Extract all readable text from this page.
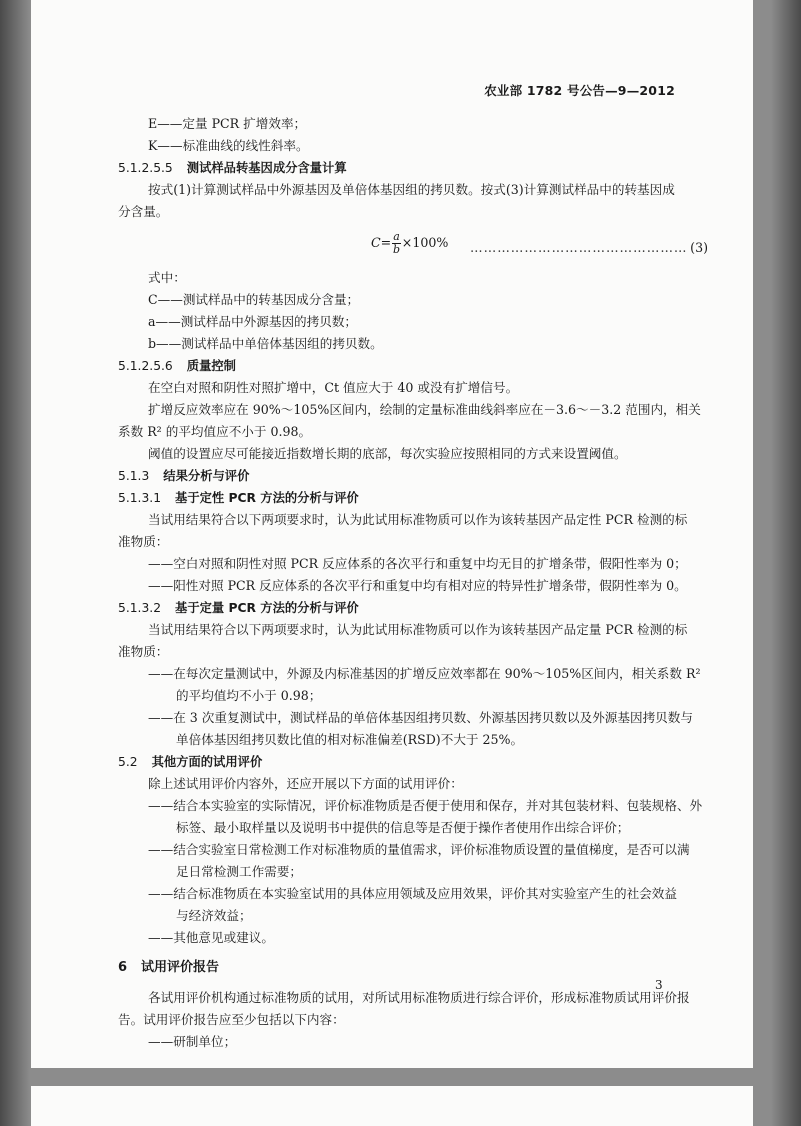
农业部 1782 号公告—9—2012
E——定量 PCR 扩增效率；
K——标准曲线的线性斜率。
5.1.2.5.5 测试样品转基因成分含量计算
按式(1)计算测试样品中外源基因及单倍体基因组的拷贝数。按式(3)计算测试样品中的转基因成
分含量。
$C= \frac{a}{b} \times 100\%$ ………………………………………… (3)
式中：
C——测试样品中的转基因成分含量；
a——测试样品中外源基因的拷贝数；
b——测试样品中单倍体基因组的拷贝数。
5.1.2.5.6 质量控制
在空白对照和阴性对照扩增中，Ct 值应大于 40 或没有扩增信号。
扩增反应效率应在 90%～105%区间内，绘制的定量标准曲线斜率应在－3.6～－3.2 范围内，相关
系数 R² 的平均值应不小于 0.98。
阈值的设置应尽可能接近指数增长期的底部，每次实验应按照相同的方式来设置阈值。
5.1.3 结果分析与评价
5.1.3.1 基于定性 PCR 方法的分析与评价
当试用结果符合以下两项要求时，认为此试用标准物质可以作为该转基因产品定性 PCR 检测的标
准物质：
——空白对照和阴性对照 PCR 反应体系的各次平行和重复中均无目的扩增条带，假阳性率为 0；
——阳性对照 PCR 反应体系的各次平行和重复中均有相对应的特异性扩增条带，假阴性率为 0。
5.1.3.2 基于定量 PCR 方法的分析与评价
当试用结果符合以下两项要求时，认为此试用标准物质可以作为该转基因产品定量 PCR 检测的标
准物质：
——在每次定量测试中，外源及内标准基因的扩增反应效率都在 90%～105%区间内，相关系数 R²
的平均值均不小于 0.98；
——在 3 次重复测试中，测试样品的单倍体基因组拷贝数、外源基因拷贝数以及外源基因拷贝数与
单倍体基因组拷贝数比值的相对标准偏差(RSD)不大于 25%。
5.2 其他方面的试用评价
除上述试用评价内容外，还应开展以下方面的试用评价：
——结合本实验室的实际情况，评价标准物质是否便于使用和保存，并对其包装材料、包装规格、外
标签、最小取样量以及说明书中提供的信息等是否便于操作者使用作出综合评价；
——结合实验室日常检测工作对标准物质的量值需求，评价标准物质设置的量值梯度，是否可以满
足日常检测工作需要；
——结合标准物质在本实验室试用的具体应用领域及应用效果，评价其对实验室产生的社会效益
与经济效益；
——其他意见或建议。
6 试用评价报告
各试用评价机构通过标准物质的试用，对所试用标准物质进行综合评价，形成标准物质试用评价报
告。试用评价报告应至少包括以下内容：
——研制单位；
3
